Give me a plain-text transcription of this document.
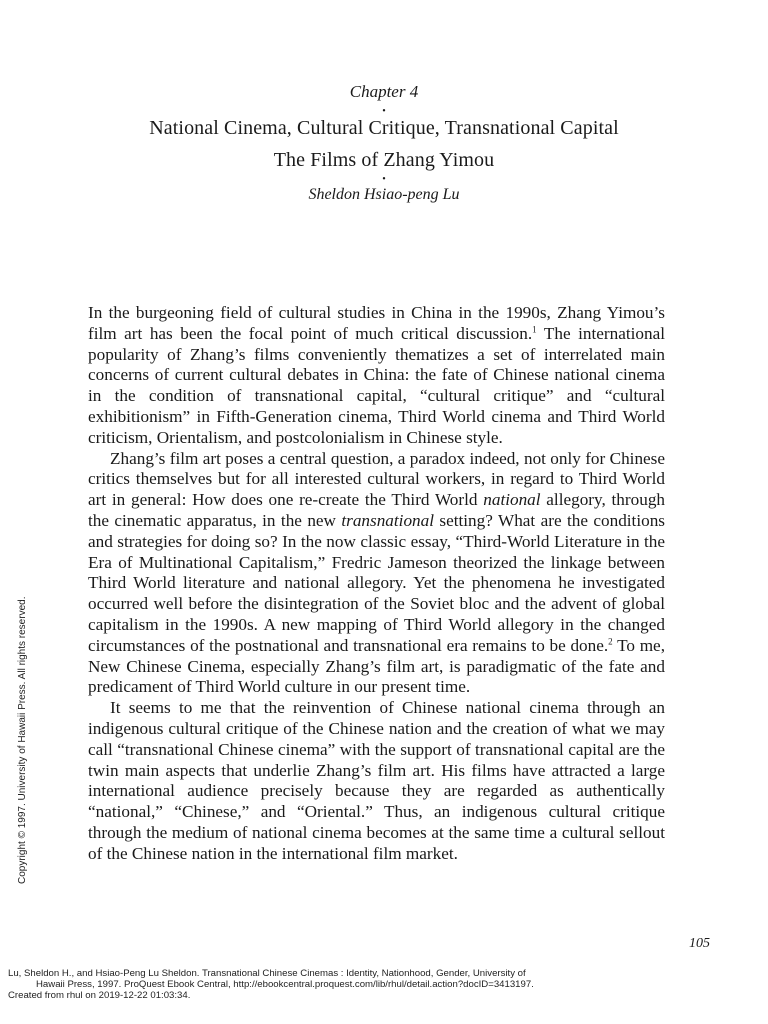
Chapter 4
•
National Cinema, Cultural Critique, Transnational Capital
The Films of Zhang Yimou
•
Sheldon Hsiao-peng Lu

In the burgeoning field of cultural studies in China in the 1990s, Zhang Yimou’s film art has been the focal point of much critical discussion.$^1$ The international popularity of Zhang’s films conveniently thematizes a set of interrelated main concerns of current cultural debates in China: the fate of Chinese national cinema in the condition of transnational capital, “cultural critique” and “cultural exhibitionism” in Fifth-Generation cinema, Third World cinema and Third World criticism, Orientalism, and postcolonialism in Chinese style.

Zhang’s film art poses a central question, a paradox indeed, not only for Chinese critics themselves but for all interested cultural workers, in regard to Third World art in general: How does one re-create the Third World national allegory, through the cinematic apparatus, in the new transnational setting? What are the conditions and strategies for doing so? In the now classic essay, “Third-World Literature in the Era of Multinational Capitalism,” Fredric Jameson theorized the linkage between Third World literature and national allegory. Yet the phenomena he investigated occurred well before the disintegration of the Soviet bloc and the advent of global capitalism in the 1990s. A new mapping of Third World allegory in the changed circumstances of the postnational and transnational era remains to be done.$^2$ To me, New Chinese Cinema, especially Zhang’s film art, is paradigmatic of the fate and predicament of Third World culture in our present time.

It seems to me that the reinvention of Chinese national cinema through an indigenous cultural critique of the Chinese nation and the creation of what we may call “transnational Chinese cinema” with the support of transnational capital are the twin main aspects that underlie Zhang’s film art. His films have attracted a large international audience precisely because they are regarded as authentically “national,” “Chinese,” and “Oriental.” Thus, an indigenous cultural critique through the medium of national cinema becomes at the same time a cultural sellout of the Chinese nation in the international film market.

105
Copyright © 1997. University of Hawaii Press. All rights reserved.
Lu, Sheldon H., and Hsiao-Peng Lu Sheldon. Transnational Chinese Cinemas : Identity, Nationhood, Gender, University of
Hawaii Press, 1997. ProQuest Ebook Central, http://ebookcentral.proquest.com/lib/rhul/detail.action?docID=3413197.
Created from rhul on 2019-12-22 01:03:34.
